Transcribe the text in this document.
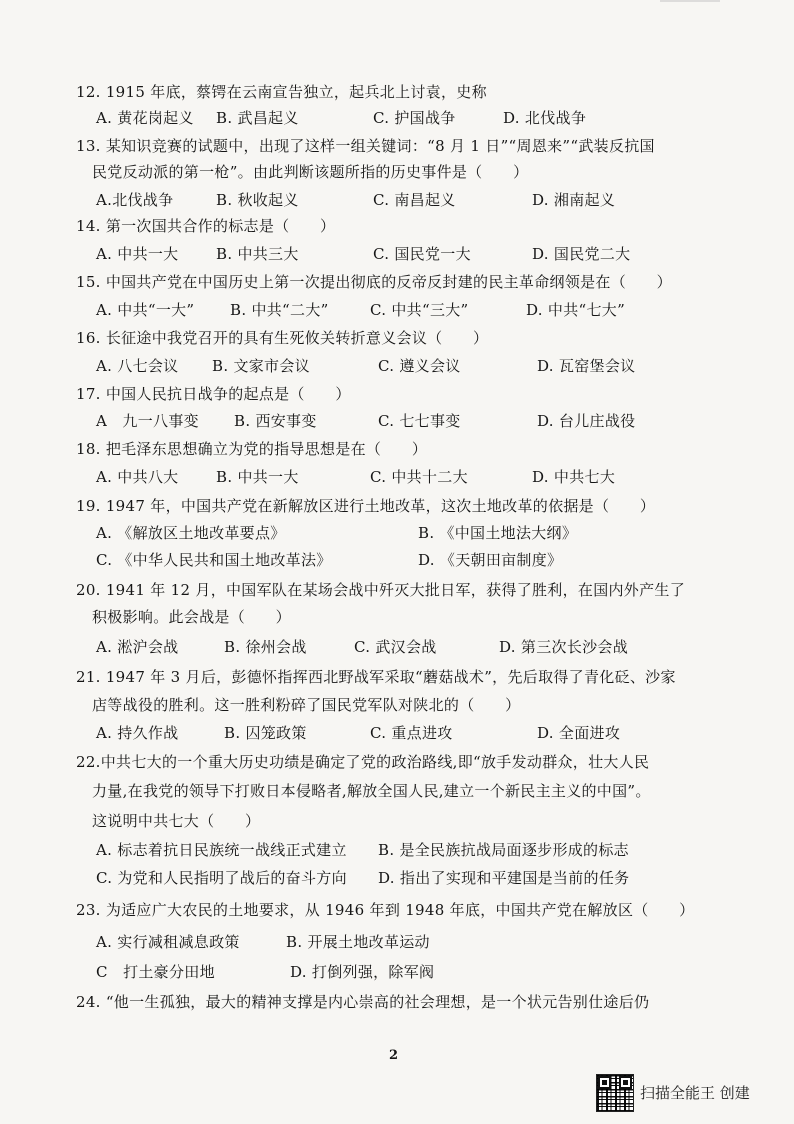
12. 1915 年底，蔡锷在云南宣告独立，起兵北上讨袁，史称
A. 黄花岗起义 B. 武昌起义	C. 护国战争	D. 北伐战争
13. 某知识竞赛的试题中，出现了这样一组关键词：“8 月 1 日”“周恩来”“武装反抗国
民党反动派的第一枪”。由此判断该题所指的历史事件是（　　）
A.北伐战争	B. 秋收起义	C. 南昌起义	D. 湘南起义
14. 第一次国共合作的标志是（　　）
A. 中共一大	B. 中共三大	C. 国民党一大	D. 国民党二大
15. 中国共产党在中国历史上第一次提出彻底的反帝反封建的民主革命纲领是在（　　）
A. 中共“一大” B. 中共“二大”	C. 中共“三大”	D. 中共“七大”
16. 长征途中我党召开的具有生死攸关转折意义会议（　　）
A. 八七会议 B. 文家市会议	C. 遵义会议	D. 瓦窑堡会议
17. 中国人民抗日战争的起点是（　　）
A　九一八事变 B. 西安事变	C. 七七事变	D. 台儿庄战役
18. 把毛泽东思想确立为党的指导思想是在（　　）
A. 中共八大	B. 中共一大	C. 中共十二大	D. 中共七大
19. 1947 年，中国共产党在新解放区进行土地改革，这次土地改革的依据是（　　）
A. 《解放区土地改革要点》	B. 《中国土地法大纲》
C. 《中华人民共和国土地改革法》	D. 《天朝田亩制度》
20. 1941 年 12 月，中国军队在某场会战中歼灭大批日军，获得了胜利，在国内外产生了
积极影响。此会战是（　　）
A. 淞沪会战	B. 徐州会战	C. 武汉会战	D. 第三次长沙会战
21. 1947 年 3 月后，彭德怀指挥西北野战军采取“蘑菇战术”，先后取得了青化砭、沙家
店等战役的胜利。这一胜利粉碎了国民党军队对陕北的（　　）
A. 持久作战	B. 囚笼政策	C. 重点进攻	D. 全面进攻
22.中共七大的一个重大历史功绩是确定了党的政治路线,即“放手发动群众，壮大人民
力量,在我党的领导下打败日本侵略者,解放全国人民,建立一个新民主主义的中国”。
这说明中共七大（　　）
A. 标志着抗日民族统一战线正式建立 B. 是全民族抗战局面逐步形成的标志
C. 为党和人民指明了战后的奋斗方向 D. 指出了实现和平建国是当前的任务
23. 为适应广大农民的土地要求，从 1946 年到 1948 年底，中国共产党在解放区（　　）
A. 实行减租减息政策	B. 开展土地改革运动
C　打土豪分田地	D. 打倒列强，除军阀
24. “他一生孤独，最大的精神支撑是内心崇高的社会理想，是一个状元告别仕途后仍
2
扫描全能王 创建
